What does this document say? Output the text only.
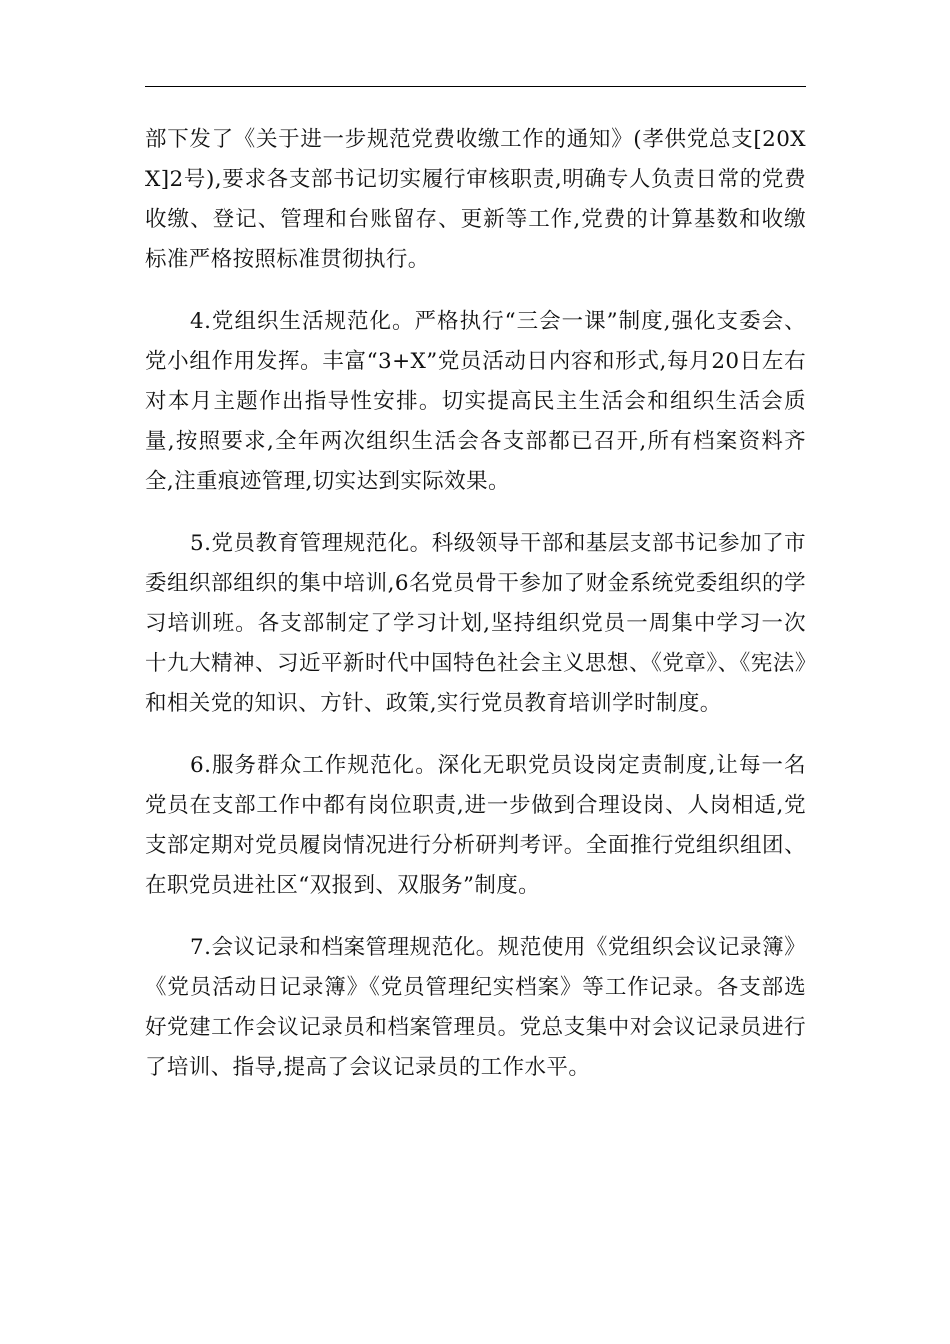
部下发了《关于进一步规范党费收缴工作的通知》(孝供党总支[20XX]2号),要求各支部书记切实履行审核职责,明确专人负责日常的党费收缴、登记、管理和台账留存、更新等工作,党费的计算基数和收缴标准严格按照标准贯彻执行。

4.党组织生活规范化。严格执行“三会一课”制度,强化支委会、党小组作用发挥。丰富“3+X”党员活动日内容和形式,每月20日左右对本月主题作出指导性安排。切实提高民主生活会和组织生活会质量,按照要求,全年两次组织生活会各支部都已召开,所有档案资料齐全,注重痕迹管理,切实达到实际效果。

5.党员教育管理规范化。科级领导干部和基层支部书记参加了市委组织部组织的集中培训,6名党员骨干参加了财金系统党委组织的学习培训班。各支部制定了学习计划,坚持组织党员一周集中学习一次十九大精神、习近平新时代中国特色社会主义思想、《党章》、《宪法》和相关党的知识、方针、政策,实行党员教育培训学时制度。

6.服务群众工作规范化。深化无职党员设岗定责制度,让每一名党员在支部工作中都有岗位职责,进一步做到合理设岗、人岗相适,党支部定期对党员履岗情况进行分析研判考评。全面推行党组织组团、在职党员进社区“双报到、双服务”制度。

7.会议记录和档案管理规范化。规范使用《党组织会议记录簿》《党员活动日记录簿》《党员管理纪实档案》等工作记录。各支部选好党建工作会议记录员和档案管理员。党总支集中对会议记录员进行了培训、指导,提高了会议记录员的工作水平。
